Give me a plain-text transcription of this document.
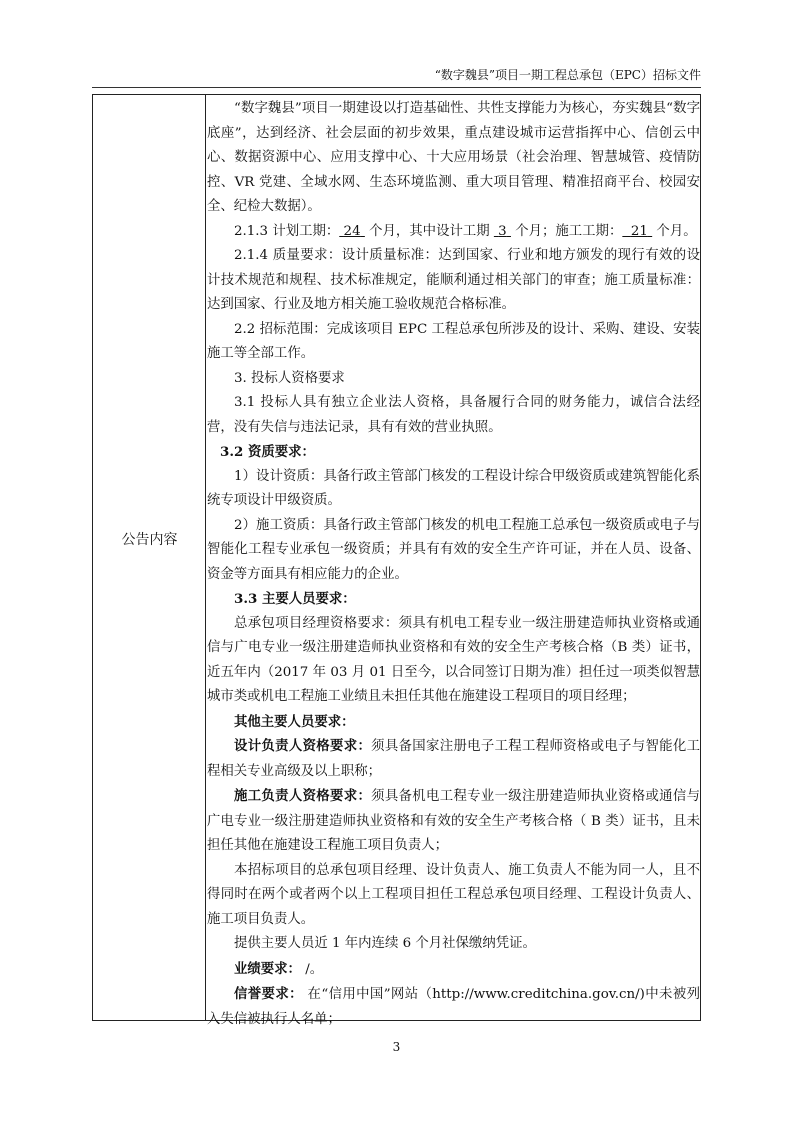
“数字魏县”项目一期工程总承包（EPC）招标文件
公告内容

“数字魏县”项目一期建设以打造基础性、共性支撑能力为核心，夯实魏县“数字底座”，达到经济、社会层面的初步效果，重点建设城市运营指挥中心、信创云中心、数据资源中心、应用支撑中心、十大应用场景（社会治理、智慧城管、疫情防控、VR 党建、全域水网、生态环境监测、重大项目管理、精准招商平台、校园安全、纪检大数据）。

2.1.3 计划工期： 24  个月，其中设计工期  3  个月；施工工期： 21  个月。

2.1.4 质量要求：设计质量标准：达到国家、行业和地方颁发的现行有效的设计技术规范和规程、技术标准规定，能顺利通过相关部门的审查；施工质量标准：达到国家、行业及地方相关施工验收规范合格标准。

2.2 招标范围：完成该项目 EPC 工程总承包所涉及的设计、采购、建设、安装施工等全部工作。

3. 投标人资格要求

3.1 投标人具有独立企业法人资格，具备履行合同的财务能力，诚信合法经营，没有失信与违法记录，具有有效的营业执照。

3.2 资质要求：

1）设计资质：具备行政主管部门核发的工程设计综合甲级资质或建筑智能化系统专项设计甲级资质。

2）施工资质：具备行政主管部门核发的机电工程施工总承包一级资质或电子与智能化工程专业承包一级资质；并具有有效的安全生产许可证，并在人员、设备、资金等方面具有相应能力的企业。

3.3 主要人员要求：

总承包项目经理资格要求：须具有机电工程专业一级注册建造师执业资格或通信与广电专业一级注册建造师执业资格和有效的安全生产考核合格（B 类）证书，近五年内（2017 年 03 月 01 日至今，以合同签订日期为准）担任过一项类似智慧城市类或机电工程施工业绩且未担任其他在施建设工程项目的项目经理；

其他主要人员要求：

设计负责人资格要求：须具备国家注册电子工程工程师资格或电子与智能化工程相关专业高级及以上职称；

施工负责人资格要求：须具备机电工程专业一级注册建造师执业资格或通信与广电专业一级注册建造师执业资格和有效的安全生产考核合格（ B 类）证书，且未担任其他在施建设工程施工项目负责人；

本招标项目的总承包项目经理、设计负责人、施工负责人不能为同一人，且不得同时在两个或者两个以上工程项目担任工程总承包项目经理、工程设计负责人、施工项目负责人。

提供主要人员近 1 年内连续 6 个月社保缴纳凭证。

业绩要求： /。

信誉要求： 在“信用中国”网站（http://www.creditchina.gov.cn/)中未被列入失信被执行人名单；

3
